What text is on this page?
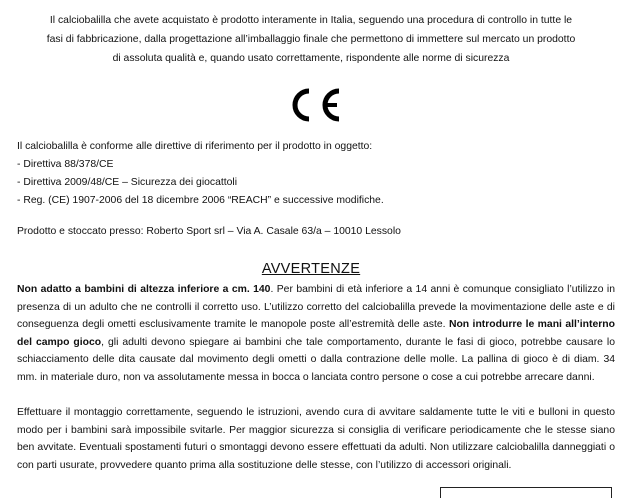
Il calciobalilla che avete acquistato è prodotto interamente in Italia, seguendo una procedura di controllo in tutte le
fasi di fabbricazione, dalla progettazione all’imballaggio finale che permettono di immettere sul mercato un prodotto
di assoluta qualità e, quando usato correttamente, rispondente alle norme di sicurezza
Il calciobalilla è conforme alle direttive di riferimento per il prodotto in oggetto:
- Direttiva 88/378/CE
- Direttiva 2009/48/CE – Sicurezza dei giocattoli
- Reg. (CE) 1907-2006 del 18 dicembre 2006 “REACH” e successive modifiche.
Prodotto e stoccato presso: Roberto Sport srl – Via A. Casale 63/a – 10010 Lessolo
AVVERTENZE
Non adatto a bambini di altezza inferiore a cm. 140. Per bambini di età inferiore a 14 anni è comunque consigliato l’utilizzo in presenza di un adulto che ne controlli il corretto uso. L’utilizzo corretto del calciobalilla prevede la movimentazione delle aste e di conseguenza degli ometti esclusivamente tramite le manopole poste all’estremità delle aste. Non introdurre le mani all’interno del campo gioco, gli adulti devono spiegare ai bambini che tale comportamento, durante le fasi di gioco, potrebbe causare lo schiacciamento delle dita causate dal movimento degli ometti o dalla contrazione delle molle. La pallina di gioco è di diam. 34 mm. in materiale duro, non va assolutamente messa in bocca o lanciata contro persone o cose a cui potrebbe arrecare danni.
Effettuare il montaggio correttamente, seguendo le istruzioni, avendo cura di avvitare saldamente tutte le viti e bulloni in questo modo per i bambini sarà impossibile svitarle. Per maggior sicurezza si consiglia di verificare periodicamente che le stesse siano ben avvitate. Eventuali spostamenti futuri o smontaggi devono essere effettuati da adulti. Non utilizzare calciobalilla danneggiati o con parti usurate, provvedere quanto prima alla sostituzione delle stesse, con l’utilizzo di accessori originali.
